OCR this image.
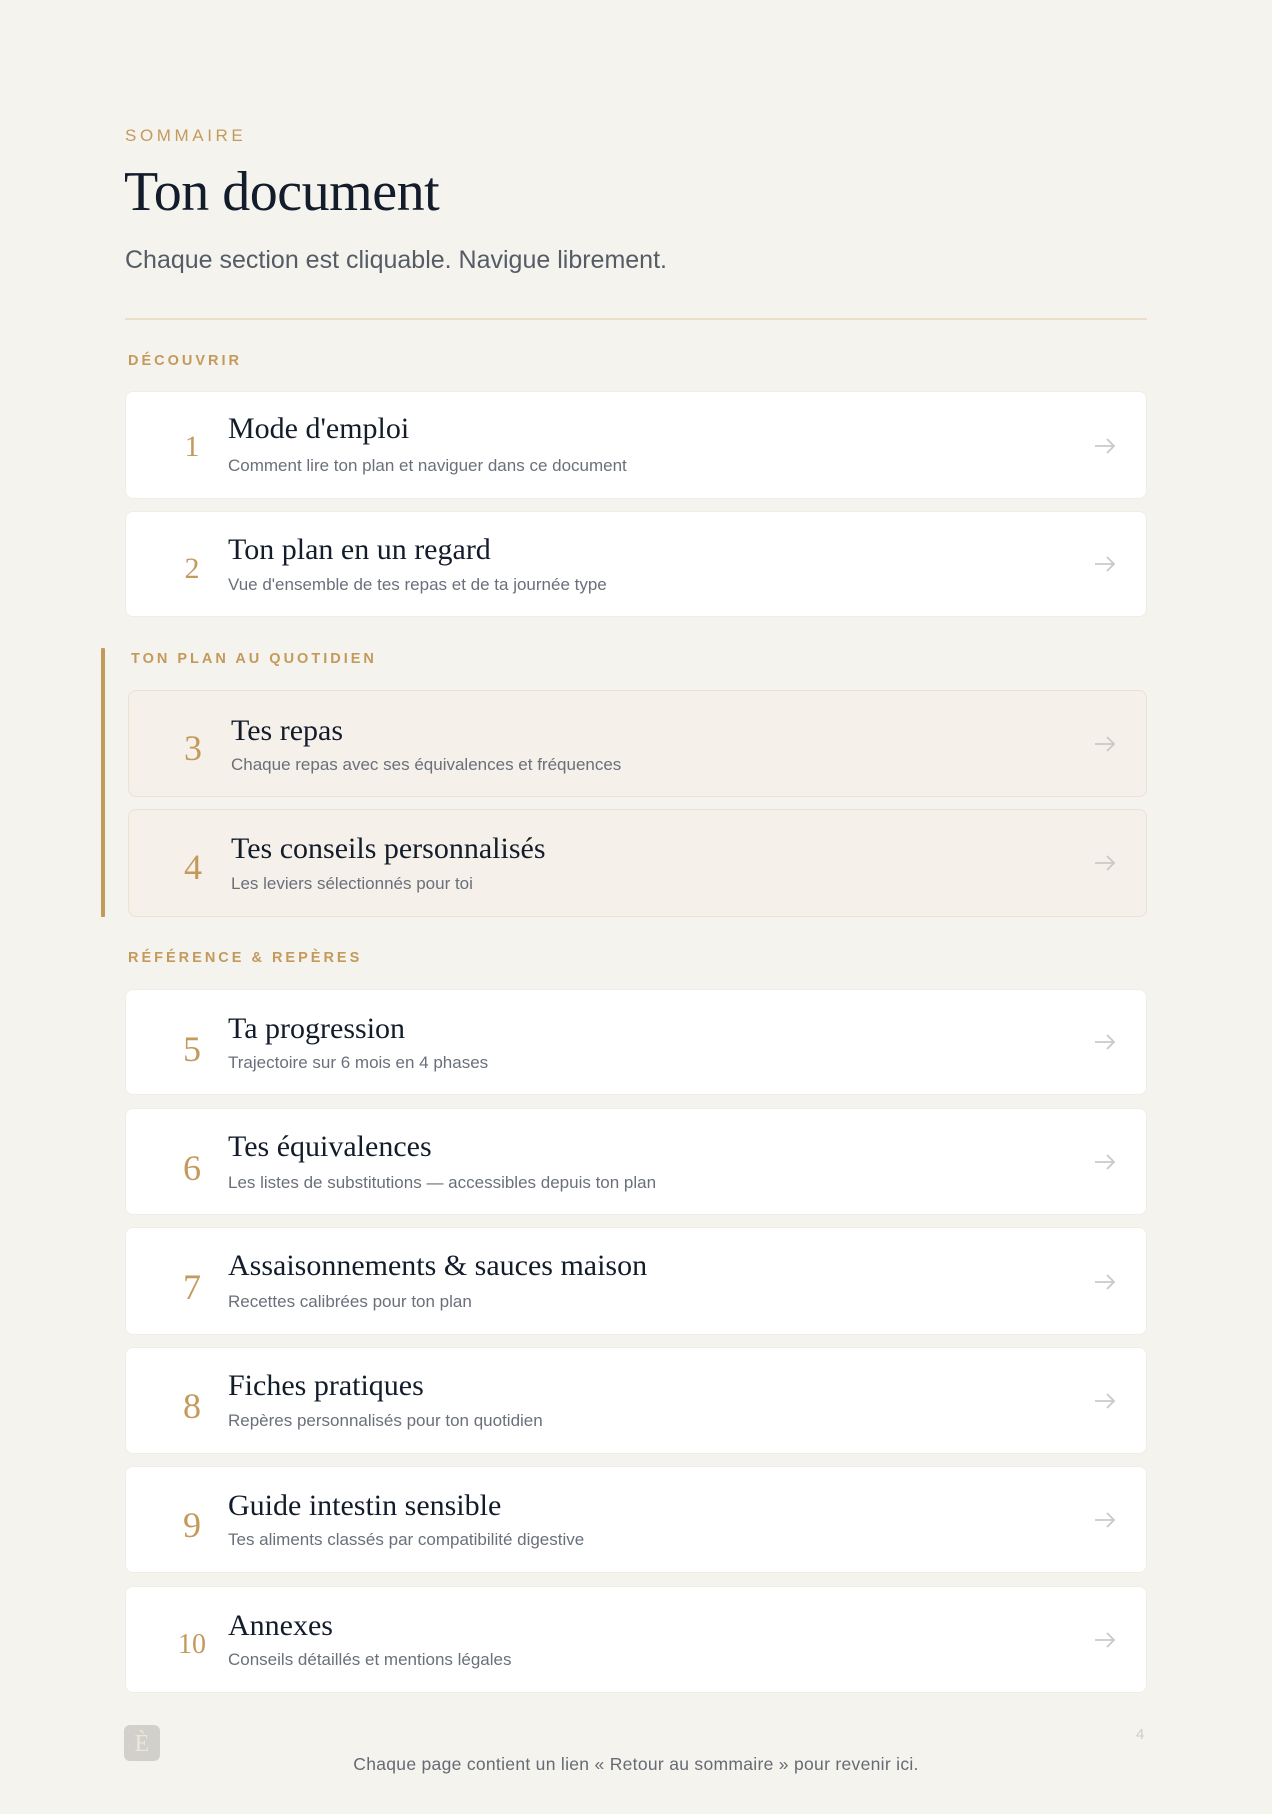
SOMMAIRE
Ton document
Chaque section est cliquable. Navigue librement.
DÉCOUVRIR
1
Mode d'emploi
Comment lire ton plan et naviguer dans ce document
2
Ton plan en un regard
Vue d'ensemble de tes repas et de ta journée type
TON PLAN AU QUOTIDIEN
3 Tes repas
Chaque repas avec ses équivalences et fréquences
4 Tes conseils personnalisés
Les leviers sélectionnés pour toi
RÉFÉRENCE & REPÈRES
5
Ta progression
Trajectoire sur 6 mois en 4 phases
6
Tes équivalences
Les listes de substitutions — accessibles depuis ton plan
7
Assaisonnements & sauces maison
Recettes calibrées pour ton plan
8
Fiches pratiques
Repères personnalisés pour ton quotidien
9 Guide intestin sensible
Tes aliments classés par compatibilité digestive
10
Annexes
Conseils détaillés et mentions légales
È	4
Chaque page contient un lien « Retour au sommaire » pour revenir ici.
